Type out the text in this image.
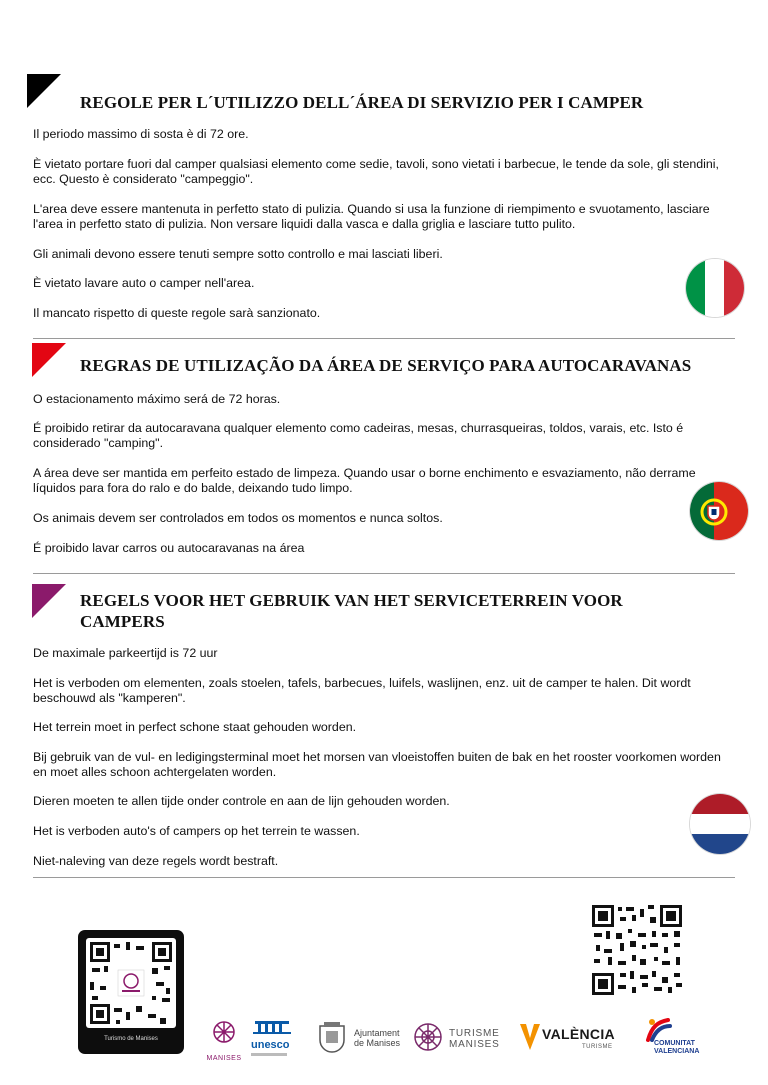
REGOLE PER L´UTILIZZO DELL´ÁREA DI SERVIZIO PER I CAMPER
Il periodo massimo di sosta è di 72 ore.
È vietato portare fuori dal camper qualsiasi elemento come sedie, tavoli, sono vietati i barbecue, le tende da sole, gli stendini, ecc. Questo è considerato "campeggio".
L'area deve essere mantenuta in perfetto stato di pulizia. Quando si usa la funzione di riempimento e svuotamento, lasciare l'area in perfetto stato di pulizia. Non versare liquidi dalla vasca e dalla griglia e lasciare tutto pulito.
Gli animali devono essere tenuti sempre sotto controllo e mai lasciati liberi.
È vietato lavare auto o camper nell'area.
Il mancato rispetto di queste regole sarà sanzionato.
REGRAS DE UTILIZAÇÃO DA ÁREA DE SERVIÇO PARA AUTOCARAVANAS
O estacionamento máximo será de 72 horas.
É proibido retirar da autocaravana qualquer elemento como cadeiras, mesas, churrasqueiras, toldos, varais, etc. Isto é considerado "camping".
A área deve ser mantida em perfeito estado de limpeza. Quando usar o borne enchimento e esvaziamento, não derrame líquidos para fora do ralo e do balde, deixando tudo limpo.
Os animais devem ser controlados em todos os momentos e nunca soltos.
É proibido lavar carros ou autocaravanas na área
REGELS VOOR HET GEBRUIK VAN HET SERVICETERREIN VOOR CAMPERS
De maximale parkeertijd is 72 uur
Het is verboden om elementen, zoals stoelen, tafels, barbecues, luifels, waslijnen, enz. uit de camper te halen. Dit wordt beschouwd als "kamperen".
Het terrein moet in perfect schone staat gehouden worden.
Bij gebruik van de vul- en ledigingsterminal moet het morsen van vloeistoffen buiten de bak en het rooster voorkomen worden en moet alles schoon achtergelaten worden.
Dieren moeten te allen tijde onder controle en aan de lijn gehouden worden.
Het is verboden auto's of campers op het terrein te wassen.
Niet-naleving van deze regels wordt bestraft.
Turismo de Manises
MANISES
unesco
Ajuntament
de Manises
TURISME
MANISES
VALÈNCIA
TURISME	COMUNITAT
VALENCIANA
